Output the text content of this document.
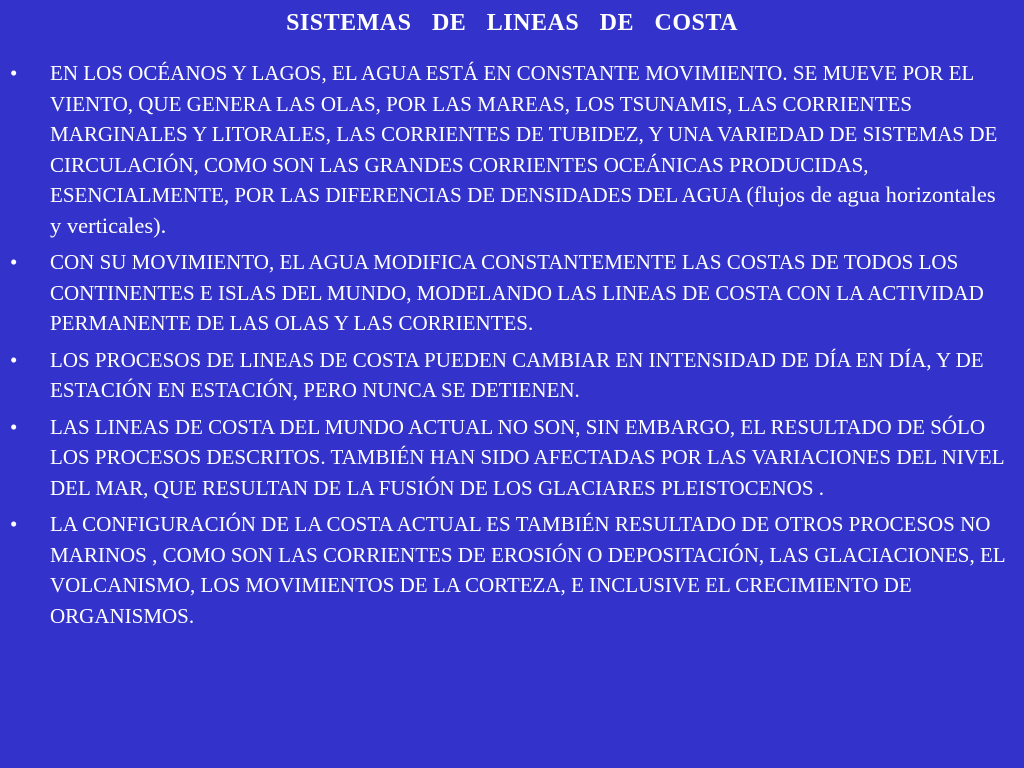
SISTEMAS DE LINEAS DE COSTA
• EN LOS OCÉANOS Y LAGOS, EL AGUA ESTÁ EN CONSTANTE MOVIMIENTO. SE MUEVE POR EL VIENTO, QUE GENERA LAS OLAS, POR LAS MAREAS, LOS TSUNAMIS, LAS CORRIENTES MARGINALES Y LITORALES, LAS CORRIENTES DE TUBIDEZ, Y UNA VARIEDAD DE SISTEMAS DE CIRCULACIÓN, COMO SON LAS GRANDES CORRIENTES OCEÁNICAS PRODUCIDAS, ESENCIALMENTE, POR LAS DIFERENCIAS DE DENSIDADES DEL AGUA (flujos de agua horizontales y verticales).
• CON SU MOVIMIENTO, EL AGUA MODIFICA CONSTANTEMENTE LAS COSTAS DE TODOS LOS CONTINENTES E ISLAS DEL MUNDO, MODELANDO LAS LINEAS DE COSTA CON LA ACTIVIDAD PERMANENTE DE LAS OLAS Y LAS CORRIENTES.
• LOS PROCESOS DE LINEAS DE COSTA PUEDEN CAMBIAR EN INTENSIDAD DE DÍA EN DÍA, Y DE ESTACIÓN EN ESTACIÓN, PERO NUNCA SE DETIENEN.
• LAS LINEAS DE COSTA DEL MUNDO ACTUAL NO SON, SIN EMBARGO, EL RESULTADO DE SÓLO LOS PROCESOS DESCRITOS. TAMBIÉN HAN SIDO AFECTADAS POR LAS VARIACIONES DEL NIVEL DEL MAR, QUE RESULTAN DE LA FUSIÓN DE LOS GLACIARES PLEISTOCENOS .
• LA CONFIGURACIÓN DE LA COSTA ACTUAL ES TAMBIÉN RESULTADO DE OTROS PROCESOS NO MARINOS , COMO SON LAS CORRIENTES DE EROSIÓN O DEPOSITACIÓN, LAS GLACIACIONES, EL VOLCANISMO, LOS MOVIMIENTOS DE LA CORTEZA, E INCLUSIVE EL CRECIMIENTO DE ORGANISMOS.
